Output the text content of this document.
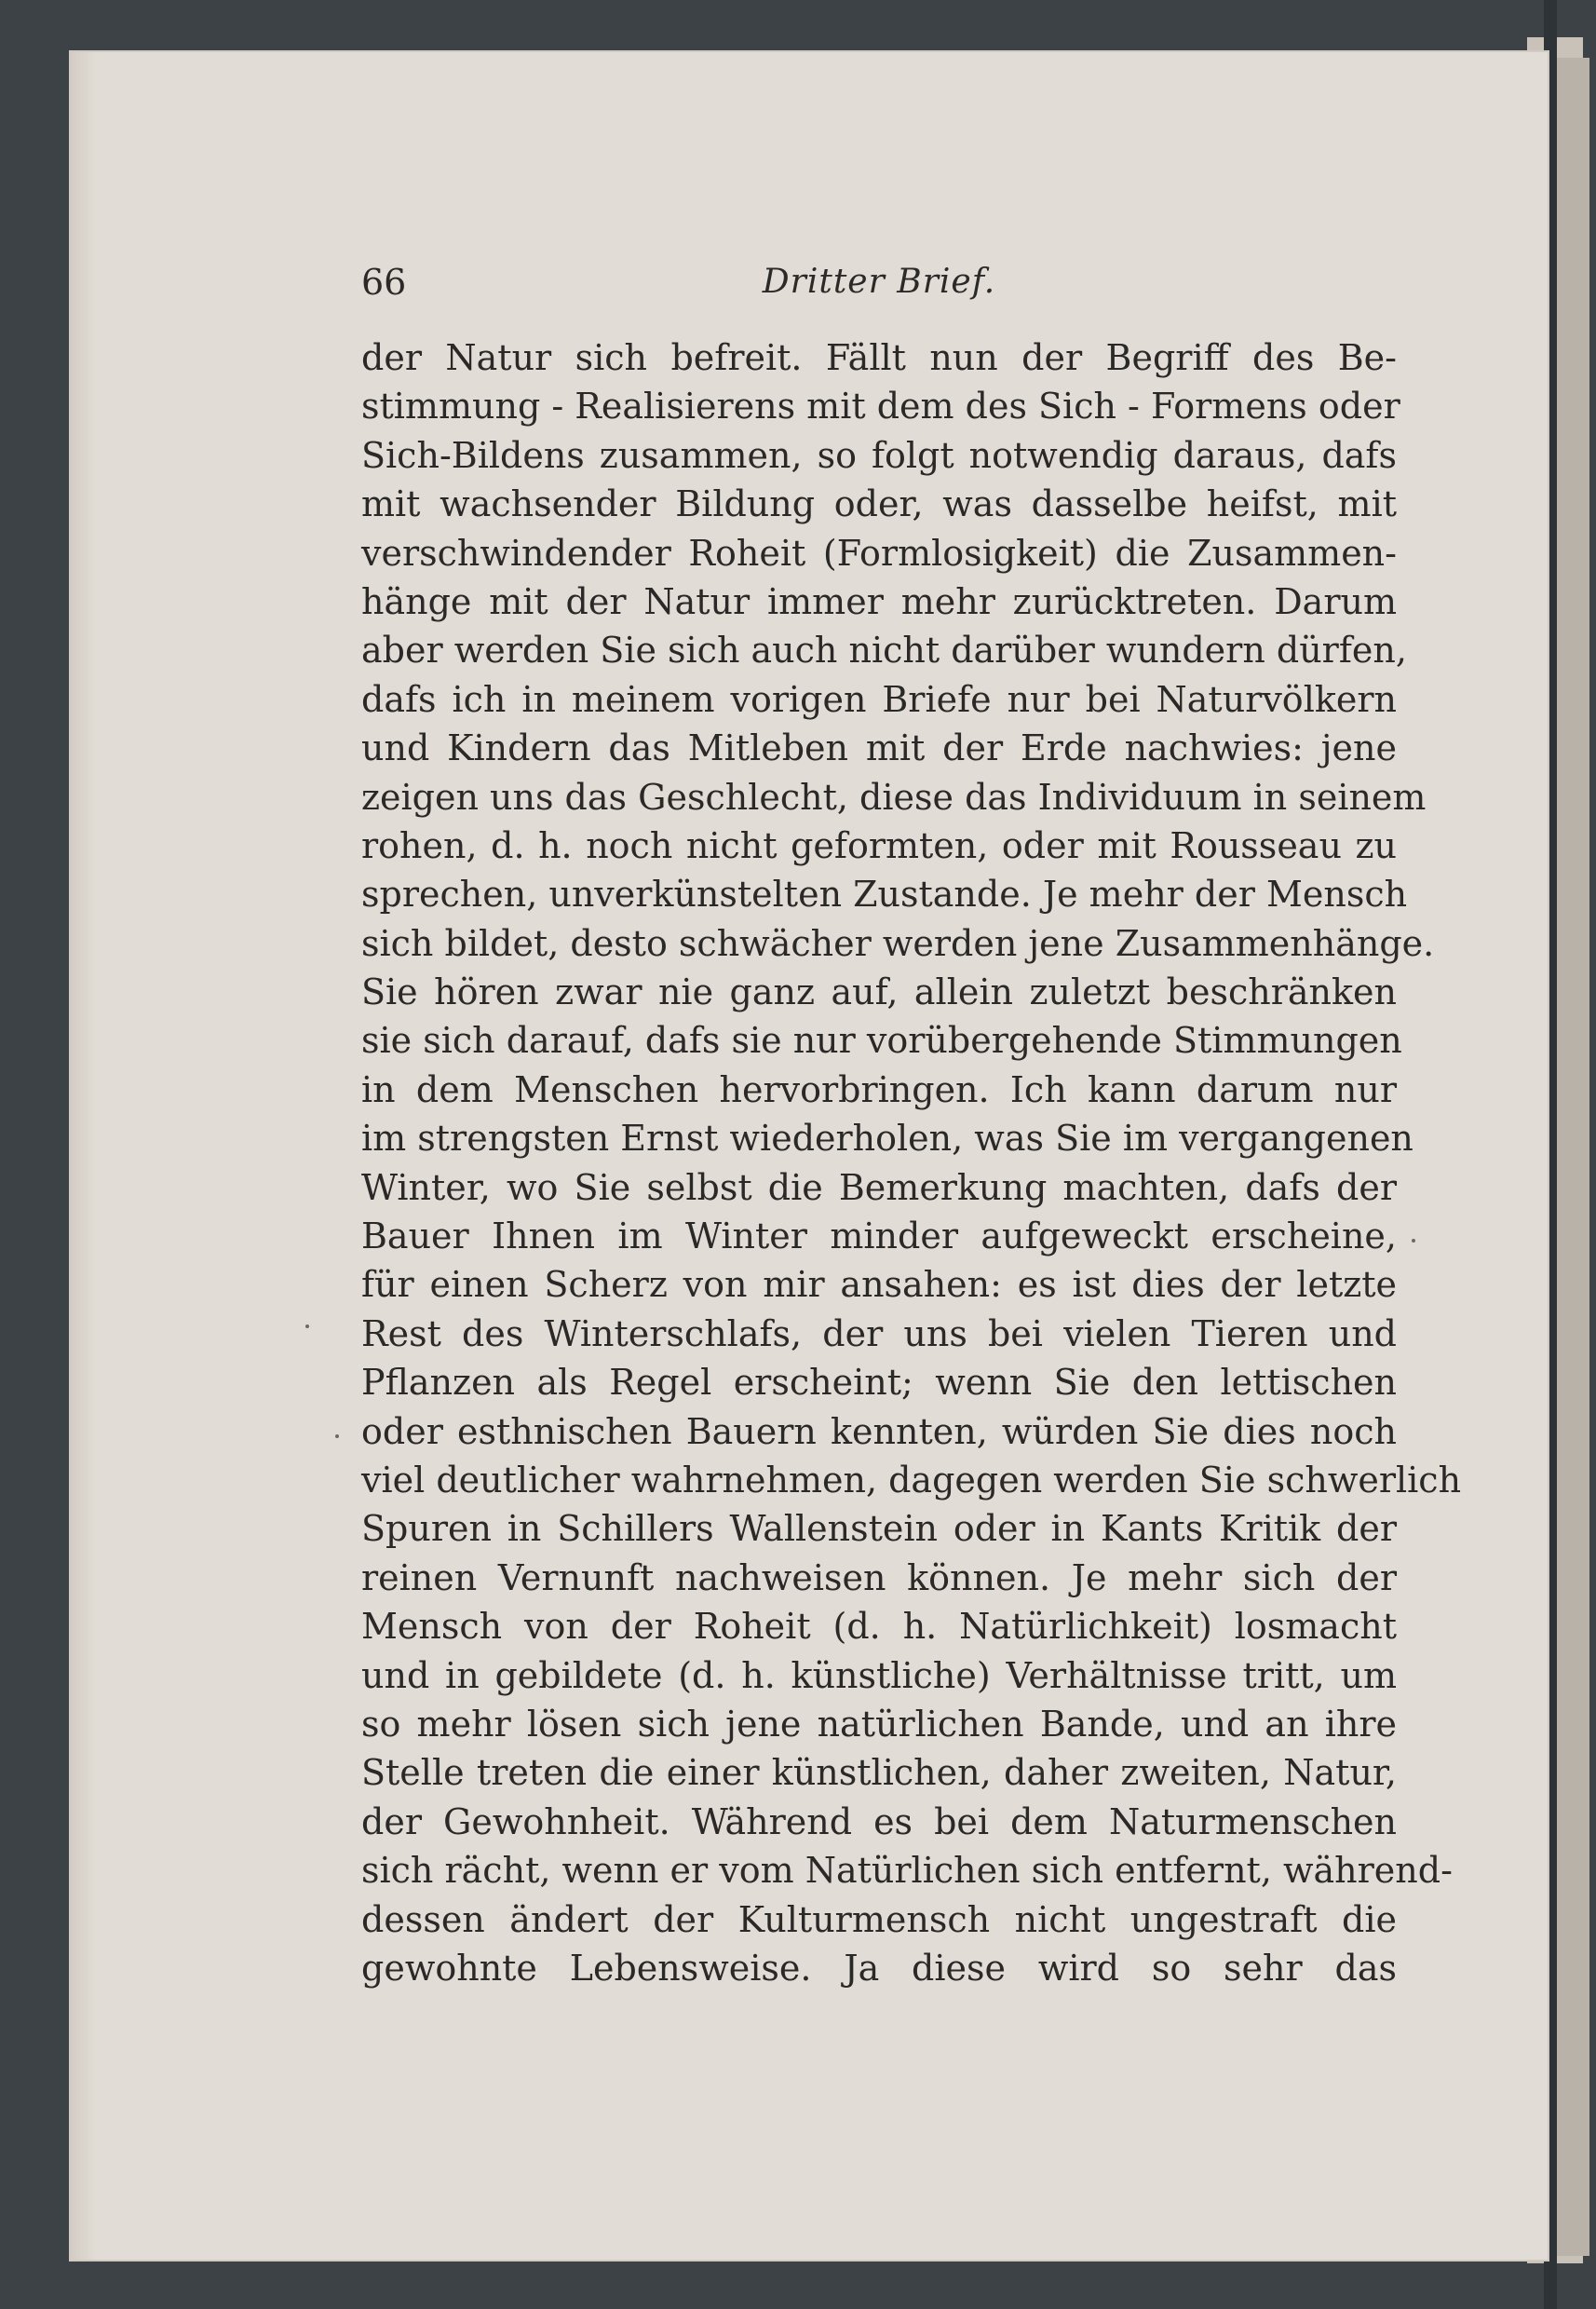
66	Dritter Brief.
der Natur sich befreit. Fällt nun der Begriff des Be-
stimmung - Realisierens mit dem des Sich - Formens oder
Sich-Bildens zusammen, so folgt notwendig daraus, dafs
mit wachsender Bildung oder, was dasselbe heifst, mit
verschwindender Roheit (Formlosigkeit) die Zusammen-
hänge mit der Natur immer mehr zurücktreten. Darum
aber werden Sie sich auch nicht darüber wundern dürfen,
dafs ich in meinem vorigen Briefe nur bei Naturvölkern
und Kindern das Mitleben mit der Erde nachwies: jene
zeigen uns das Geschlecht, diese das Individuum in seinem
rohen, d. h. noch nicht geformten, oder mit Rousseau zu
sprechen, unverkünstelten Zustande. Je mehr der Mensch
sich bildet, desto schwächer werden jene Zusammenhänge.
Sie hören zwar nie ganz auf, allein zuletzt beschränken
sie sich darauf, dafs sie nur vorübergehende Stimmungen
in dem Menschen hervorbringen. Ich kann darum nur
im strengsten Ernst wiederholen, was Sie im vergangenen
Winter, wo Sie selbst die Bemerkung machten, dafs der
Bauer Ihnen im Winter minder aufgeweckt erscheine,
für einen Scherz von mir ansahen: es ist dies der letzte
Rest des Winterschlafs, der uns bei vielen Tieren und
Pflanzen als Regel erscheint; wenn Sie den lettischen
oder esthnischen Bauern kennten, würden Sie dies noch
viel deutlicher wahrnehmen, dagegen werden Sie schwerlich
Spuren in Schillers Wallenstein oder in Kants Kritik der
reinen Vernunft nachweisen können. Je mehr sich der
Mensch von der Roheit (d. h. Natürlichkeit) losmacht
und in gebildete (d. h. künstliche) Verhältnisse tritt, um
so mehr lösen sich jene natürlichen Bande, und an ihre
Stelle treten die einer künstlichen, daher zweiten, Natur,
der Gewohnheit. Während es bei dem Naturmenschen
sich rächt, wenn er vom Natürlichen sich entfernt, während-
dessen ändert der Kulturmensch nicht ungestraft die
gewohnte Lebensweise. Ja diese wird so sehr das
